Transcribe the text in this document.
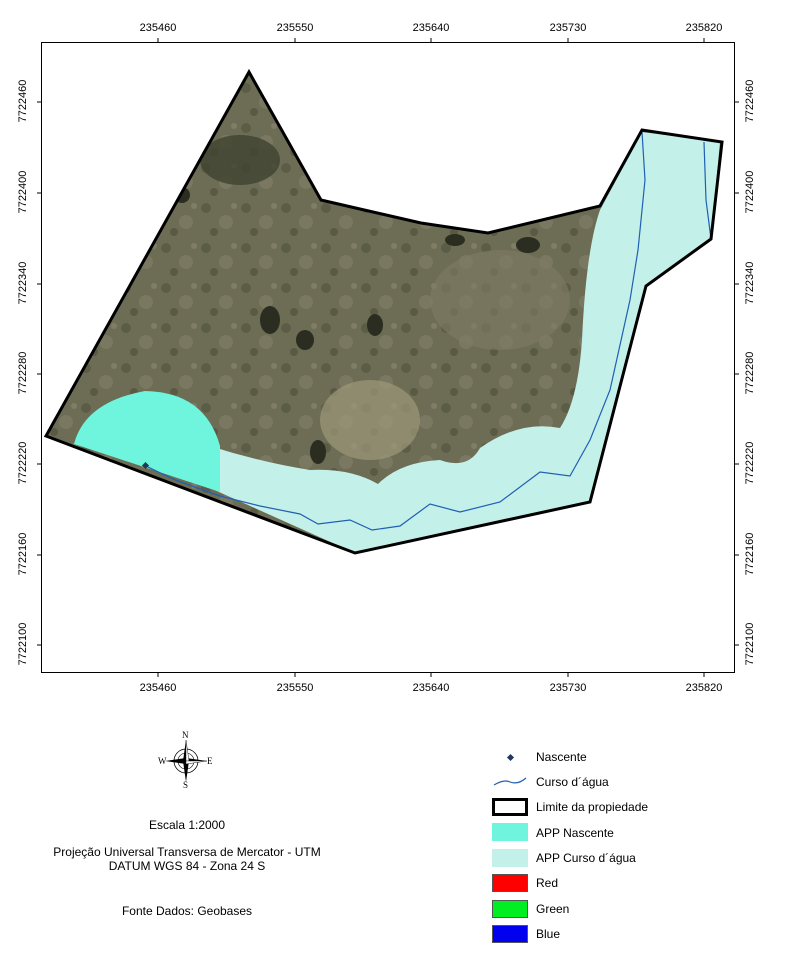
235460	235550	235640	235730	235820
235460	235550	235640	235730	235820
7722460
7722400
7722340
7722280
7722220
7722160
7722100
7722460
7722400
7722340
7722280
7722220
7722160
7722100
N
S
E
W
Escala 1:2000
Projeção Universal Transversa de Mercator - UTM
DATUM WGS 84 - Zona 24 S
Fonte Dados: Geobases
Nascente
Curso d´água
Limite da propiedade
APP Nascente
APP Curso d´água
Red
Green
Blue
